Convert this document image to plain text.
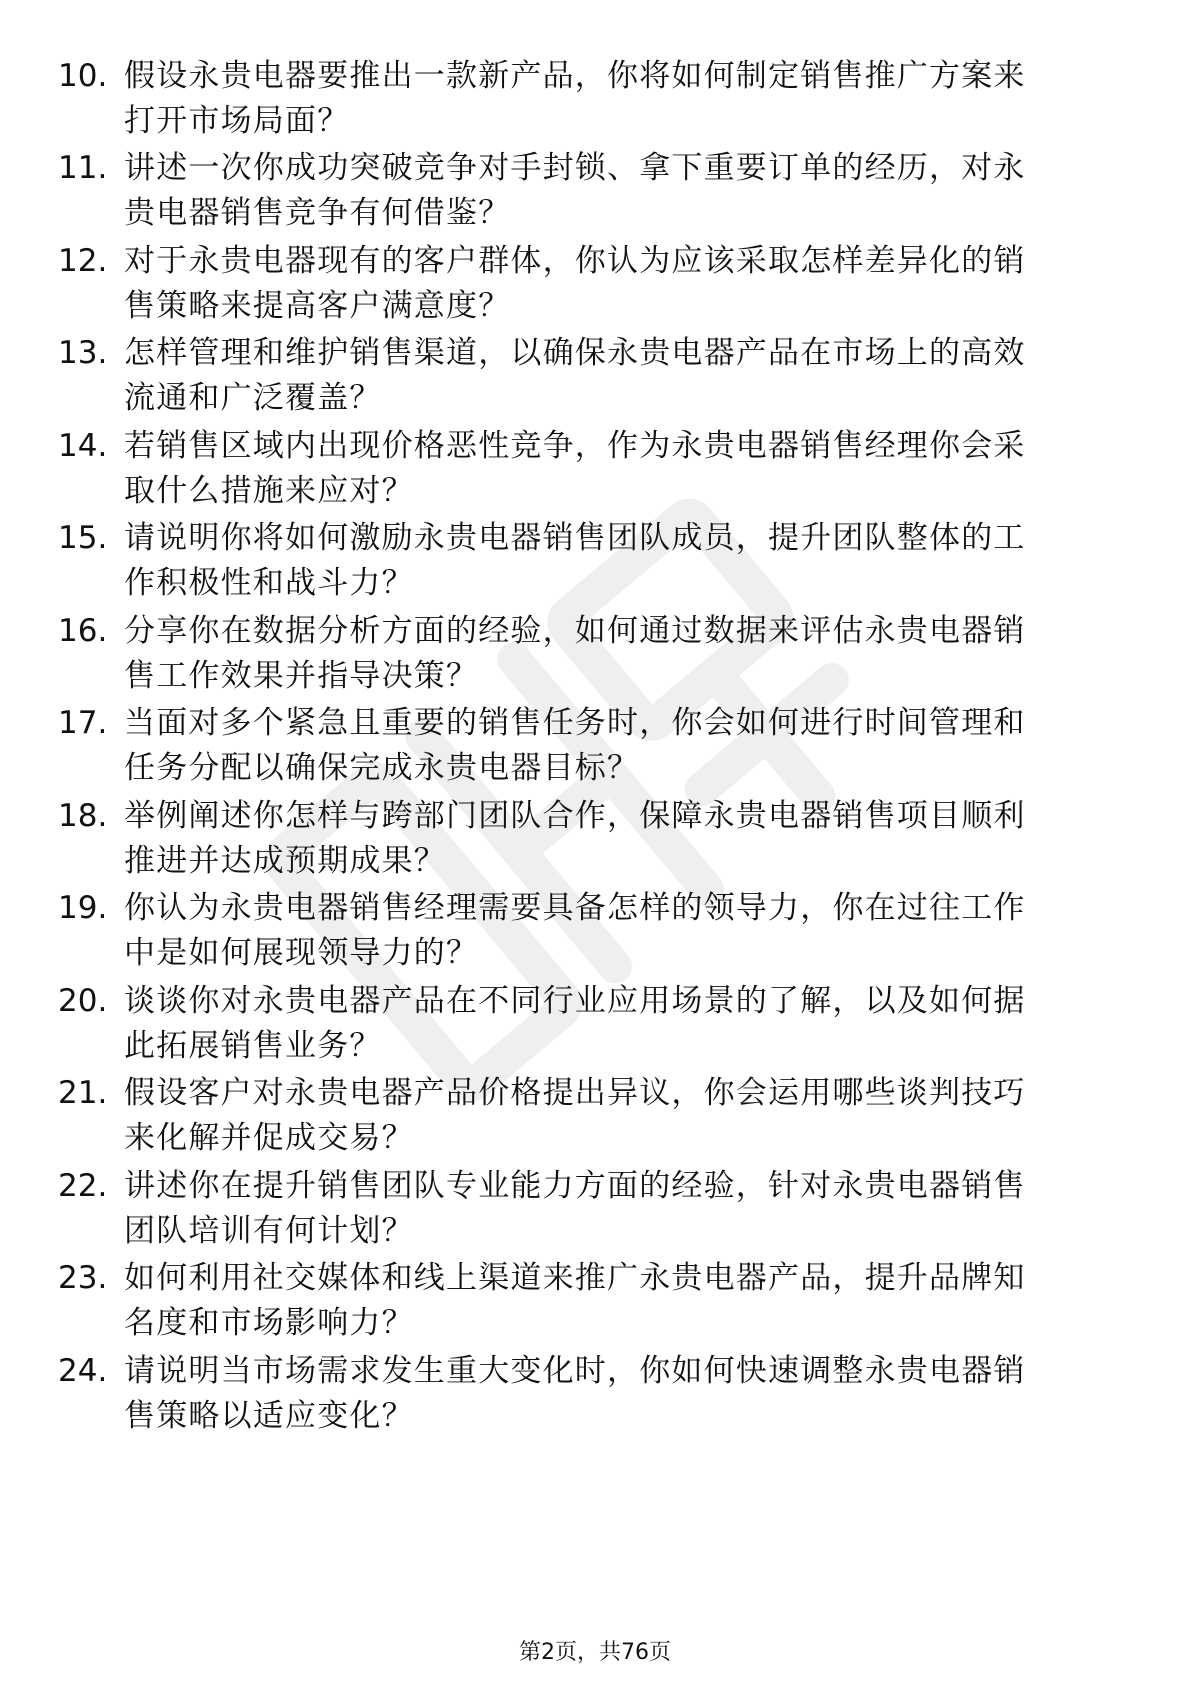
10. 假设永贵电器要推出一款新产品，你将如何制定销售推广方案来
打开市场局面？
11. 讲述一次你成功突破竞争对手封锁、拿下重要订单的经历，对永
贵电器销售竞争有何借鉴？
12. 对于永贵电器现有的客户群体，你认为应该采取怎样差异化的销
售策略来提高客户满意度？
13. 怎样管理和维护销售渠道，以确保永贵电器产品在市场上的高效
流通和广泛覆盖？
14. 若销售区域内出现价格恶性竞争，作为永贵电器销售经理你会采
取什么措施来应对？
15. 请说明你将如何激励永贵电器销售团队成员，提升团队整体的工
作积极性和战斗力？
16. 分享你在数据分析方面的经验，如何通过数据来评估永贵电器销
售工作效果并指导决策？
17. 当面对多个紧急且重要的销售任务时，你会如何进行时间管理和
任务分配以确保完成永贵电器目标？
18. 举例阐述你怎样与跨部门团队合作，保障永贵电器销售项目顺利
推进并达成预期成果？
19. 你认为永贵电器销售经理需要具备怎样的领导力，你在过往工作
中是如何展现领导力的？
20. 谈谈你对永贵电器产品在不同行业应用场景的了解，以及如何据
此拓展销售业务？
21. 假设客户对永贵电器产品价格提出异议，你会运用哪些谈判技巧
来化解并促成交易？
22. 讲述你在提升销售团队专业能力方面的经验，针对永贵电器销售
团队培训有何计划？
23. 如何利用社交媒体和线上渠道来推广永贵电器产品，提升品牌知
名度和市场影响力？
24. 请说明当市场需求发生重大变化时，你如何快速调整永贵电器销
售策略以适应变化？
第2页，共76页
